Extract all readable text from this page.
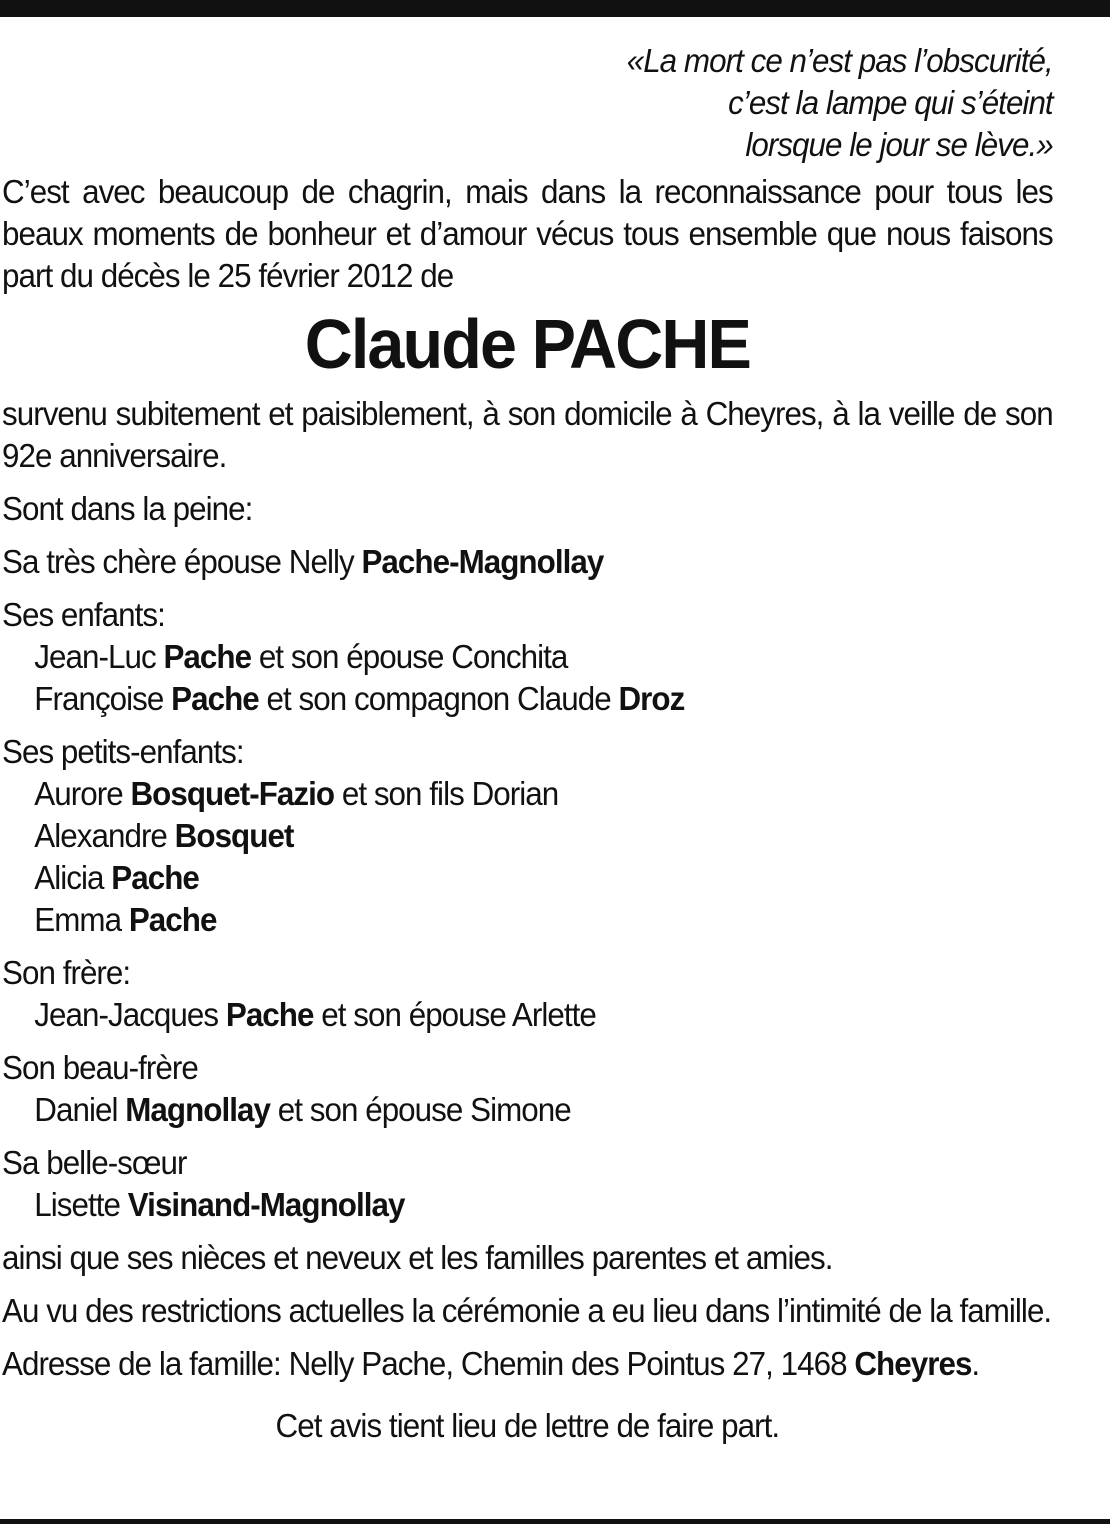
«La mort ce n’est pas l’obscurité,
c’est la lampe qui s’éteint
lorsque le jour se lève.»

C’est avec beaucoup de chagrin, mais dans la reconnaissance pour tous les beaux moments de bonheur et d’amour vécus tous ensemble que nous faisons part du décès le 25 février 2012 de

Claude PACHE

survenu subitement et paisiblement, à son domicile à Cheyres, à la veille de son 92e anniversaire.

Sont dans la peine:

Sa très chère épouse Nelly Pache-Magnollay

Ses enfants:
Jean-Luc Pache et son épouse Conchita
Françoise Pache et son compagnon Claude Droz
Ses petits-enfants:
Aurore Bosquet-Fazio et son fils Dorian
Alexandre Bosquet
Alicia Pache
Emma Pache
Son frère:
Jean-Jacques Pache et son épouse Arlette
Son beau-frère
Daniel Magnollay et son épouse Simone
Sa belle-sœur
Lisette Visinand-Magnollay

ainsi que ses nièces et neveux et les familles parentes et amies.

Au vu des restrictions actuelles la cérémonie a eu lieu dans l’intimité de la famille.

Adresse de la famille: Nelly Pache, Chemin des Pointus 27, 1468 Cheyres.

Cet avis tient lieu de lettre de faire part.
